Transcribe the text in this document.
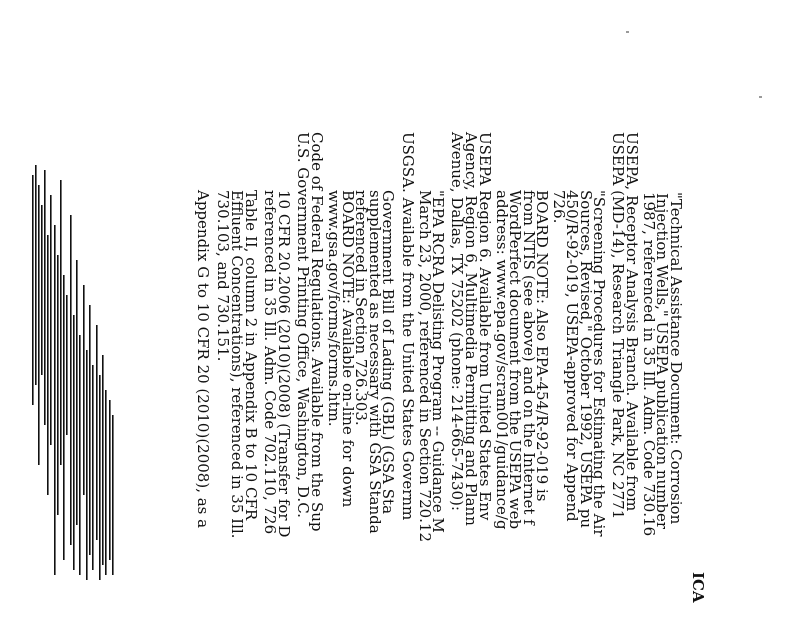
ICA
"Technical Assistance Document: Corrosion
Injection Wells," USEPA publication number
1987, referenced in 35 Ill. Adm. Code 730.16
USEPA, Receptor Analysis Branch. Available from
USEPA (MD-14), Research Triangle Park, NC 2771
"Screening Procedures for Estimating the Air
Sources, Revised," October 1992, USEPA pu
450/R-92-019, USEPA-approved for Append
726.
BOARD NOTE: Also EPA-454/R-92-019 is
from NTIS (see above) and on the Internet f
WordPerfect document from the USEPA web
address: www.epa.gov/scram001/guidance/g
USEPA Region 6. Available from United States Env
Agency, Region 6, Multimedia Permitting and Plann
Avenue, Dallas, TX 75202 (phone: 214-665-7430):
"EPA RCRA Delisting Program -- Guidance M
March 23, 2000, referenced in Section 720.12
USGSA. Available from the United States Governm
Government Bill of Lading (GBL) (GSA Sta
supplemented as necessary with GSA Standa
referenced in Section 726.303.
BOARD NOTE: Available on-line for down
www.gsa.gov/forms/forms.htm.
Code of Federal Regulations. Available from the Sup
U.S. Government Printing Office, Washington, D.C.
10 CFR 20.2006 (2010)(2008) (Transfer for D
referenced in 35 Ill. Adm. Code 702.110, 726
Table II, column 2 in Appendix B to 10 CFR
Effluent Concentrations), referenced in 35 Ill.
730.103, and 730.151.
Appendix G to 10 CFR 20 (2010)(2008), as a
